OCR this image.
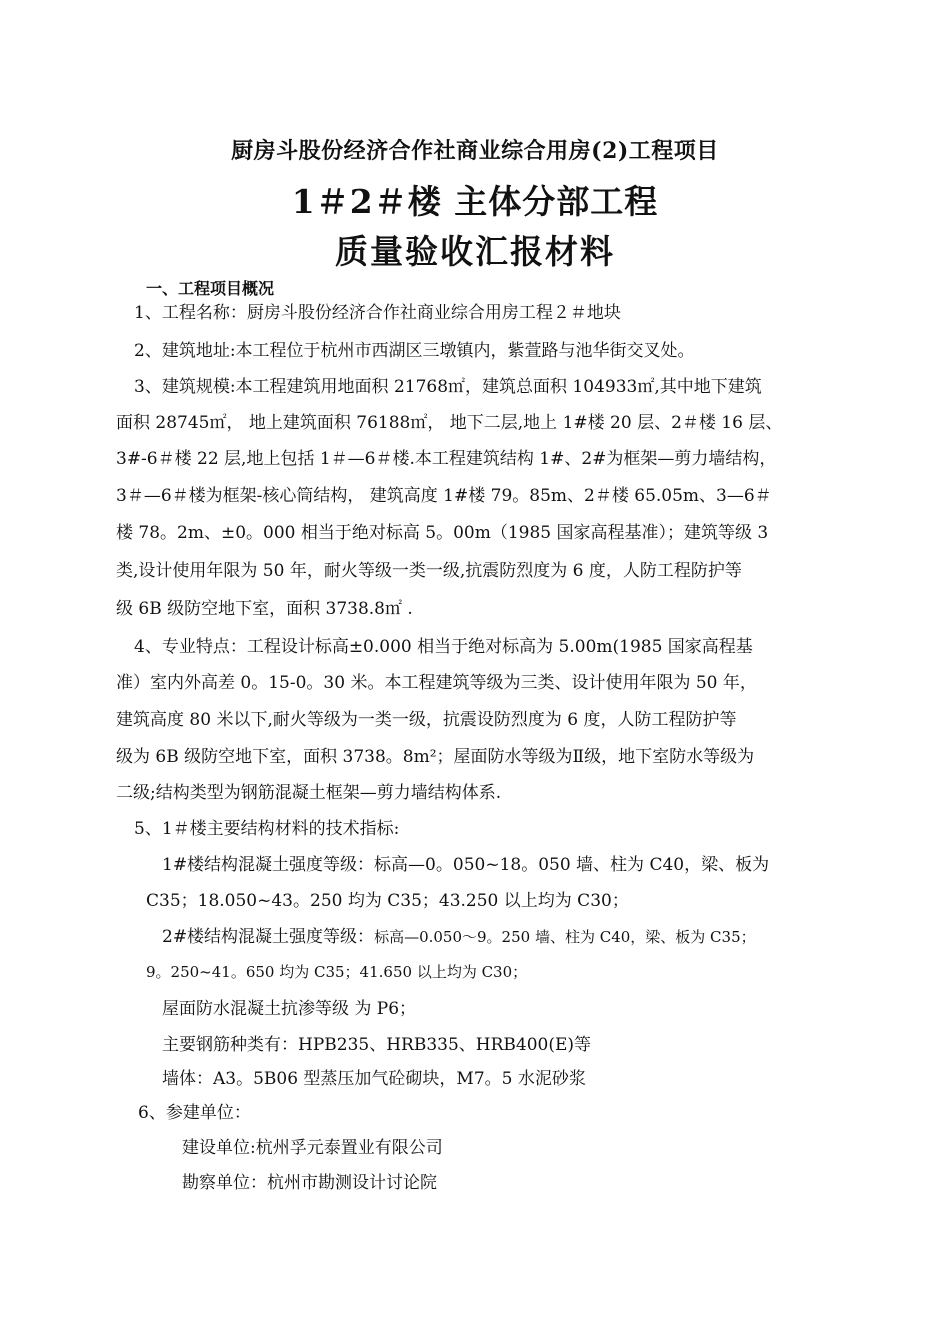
厨房斗股份经济合作社商业综合用房(2)工程项目
1＃2＃楼 主体分部工程
质量验收汇报材料
一、工程项目概况
1、工程名称：厨房斗股份经济合作社商业综合用房工程２＃地块
2、建筑地址:本工程位于杭州市西湖区三墩镇内，紫萱路与池华街交叉处。
3、建筑规模:本工程建筑用地面积 21768㎡，建筑总面积 104933㎡,其中地下建筑
面积 28745㎡， 地上建筑面积 76188㎡， 地下二层,地上 1#楼 20 层、2＃楼 16 层、
3#-6＃楼 22 层,地上包括 1＃—6＃楼.本工程建筑结构 1#、2#为框架—剪力墙结构，
3＃—6＃楼为框架-核心筒结构， 建筑高度 1#楼 79。85m、2＃楼 65.05m、3—6＃
楼 78。2m、±0。000 相当于绝对标高 5。00m（1985 国家高程基准）；建筑等级 3
类,设计使用年限为 50 年，耐火等级一类一级,抗震防烈度为 6 度，人防工程防护等
级 6B 级防空地下室，面积 3738.8㎡ .
4、专业特点：工程设计标高±0.000 相当于绝对标高为 5.00m(1985 国家高程基
准）室内外高差 0。15-0。30 米。本工程建筑等级为三类、设计使用年限为 50 年，
建筑高度 80 米以下,耐火等级为一类一级，抗震设防烈度为 6 度，人防工程防护等
级为 6B 级防空地下室，面积 3738。8m²；屋面防水等级为Ⅱ级，地下室防水等级为
二级;结构类型为钢筋混凝土框架—剪力墙结构体系.
5、1＃楼主要结构材料的技术指标:
1#楼结构混凝土强度等级：标高—0。050~18。050 墙、柱为 C40，梁、板为
C35；18.050~43。250 均为 C35；43.250 以上均为 C30；
2#楼结构混凝土强度等级：标高—0.050～9。250 墙、柱为 C40，梁、板为 C35；
9。250~41。650 均为 C35；41.650 以上均为 C30；
屋面防水混凝土抗渗等级 为 P6；
主要钢筋种类有：HPB235、HRB335、HRB400(E)等
墙体：A3。5B06 型蒸压加气砼砌块，M7。5 水泥砂浆
6、参建单位：
建设单位:杭州孚元泰置业有限公司
勘察单位：杭州市勘测设计讨论院
